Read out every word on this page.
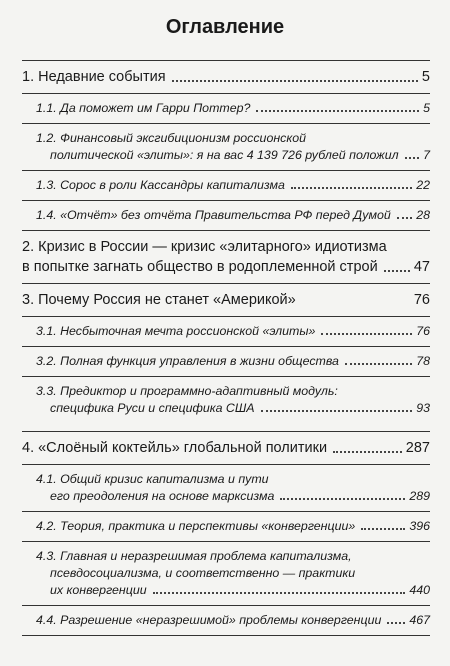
Оглавление
1. Недавние события	5
1.1. Да поможет им Гарри Поттер?	5
1.2. Финансовый эксгибиционизм россионской
политической «элиты»: я на вас 4 139 726 рублей положил 7
1.3. Сорос в роли Кассандры капитализма	22
1.4. «Отчёт» без отчёта Правительства РФ перед Думой 28
2. Кризис в России — кризис «элитарного» идиотизма
в попытке загнать общество в родоплеменной строй 47
3. Почему Россия не станет «Америкой»	76
3.1. Несбыточная мечта россионской «элиты»	76
3.2. Полная функция управления в жизни общества	78
3.3. Предиктор и программно-адаптивный модуль:
специфика Руси и специфика США	93
4. «Слоёный коктейль» глобальной политики	287
4.1. Общий кризис капитализма и пути
его преодоления на основе марксизма	289
4.2. Теория, практика и перспективы «конвергенции»	396
4.3. Главная и неразрешимая проблема капитализма,
псевдосоциализма, и соответственно — практики
их конвергенции	440
4.4. Разрешение «неразрешимой» проблемы конвергенции 467
